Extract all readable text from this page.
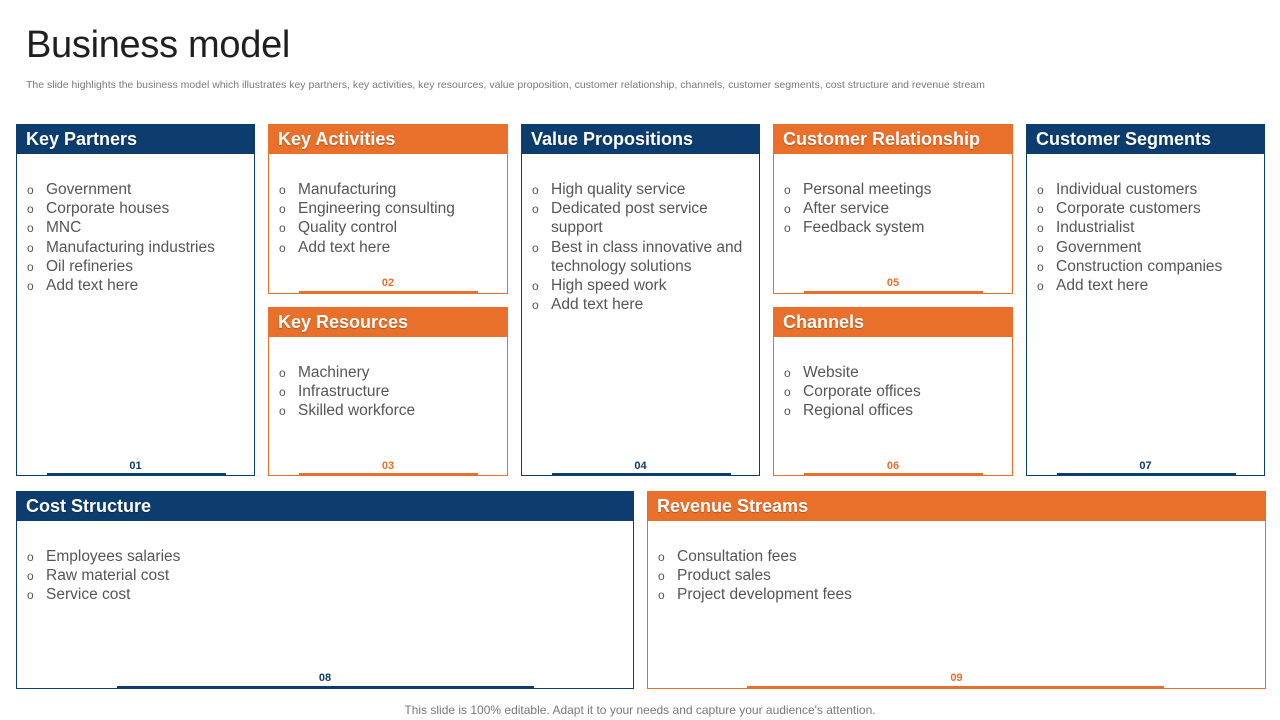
Business model

The slide highlights the business model which illustrates key partners, key activities, key resources, value proposition, customer relationship, channels, customer segments, cost structure and revenue stream

Key Partners
o Government
o Corporate houses
o MNC
o Manufacturing industries
o Oil refineries
o Add text here
01
Key Activities
o Manufacturing
o Engineering consulting
o Quality control
o Add text here
02
Key Resources
o Machinery
o Infrastructure
o Skilled workforce
03
Value Propositions
o High quality service
o Dedicated post service support
o Best in class innovative and technology solutions
o High speed work
o Add text here
04
Customer Relationship
o Personal meetings
o After service
o Feedback system
05
Channels
o Website
o Corporate offices
o Regional offices
06
Customer Segments
o Individual customers
o Corporate customers
o Industrialist
o Government
o Construction companies
o Add text here
07
Cost Structure
o Employees salaries
o Raw material cost
o Service cost
08
Revenue Streams
o Consultation fees
o Product sales
o Project development fees
09
This slide is 100% editable. Adapt it to your needs and capture your audience's attention.
